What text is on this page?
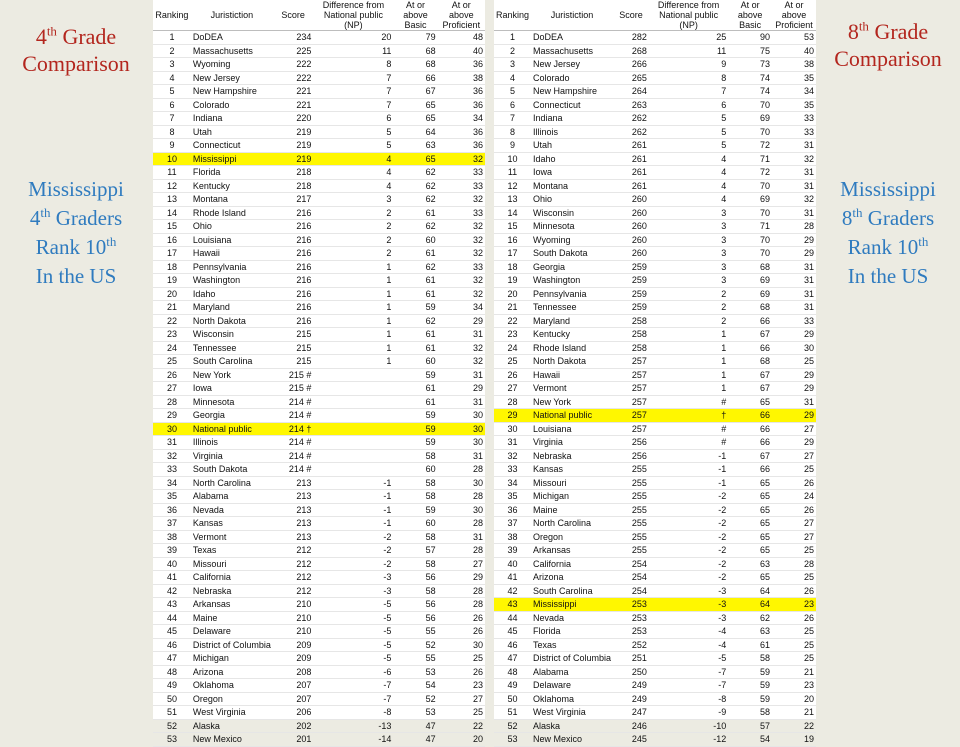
4th Grade
Comparison
Mississippi
4th Graders
Rank 10th
In the US
Ranking	Juristiction	Score	Difference from National public (NP)	At or above Basic	At or above Proficient
1	DoDEA	234	20	79	48
2	Massachusetts	225	11	68	40
3	Wyoming	222	8	68	36
4	New Jersey	222	7	66	38
5	New Hampshire	221	7	67	36
6	Colorado	221	7	65	36
7	Indiana	220	6	65	34
8	Utah	219	5	64	36
9	Connecticut	219	5	63	36
10	Mississippi	219	4	65	32
11	Florida	218	4	62	33
12	Kentucky	218	4	62	33
13	Montana	217	3	62	32
14	Rhode Island	216	2	61	33
15	Ohio	216	2	62	32
16	Louisiana	216	2	60	32
17	Hawaii	216	2	61	32
18	Pennsylvania	216	1	62	33
19	Washington	216	1	61	32
20	Idaho	216	1	61	32
21	Maryland	216	1	59	34
22	North Dakota	216	1	62	29
23	Wisconsin	215	1	61	31
24	Tennessee	215	1	61	32
25	South Carolina	215	1	60	32
26	New York	215 #		59	31
27	Iowa	215 #		61	29
28	Minnesota	214 #		61	31
29	Georgia	214 #		59	30
30	National public	214 †		59	30
31	Illinois	214 #		59	30
32	Virginia	214 #		58	31
33	South Dakota	214 #		60	28
34	North Carolina	213	-1	58	30
35	Alabama	213	-1	58	28
36	Nevada	213	-1	59	30
37	Kansas	213	-1	60	28
38	Vermont	213	-2	58	31
39	Texas	212	-2	57	28
40	Missouri	212	-2	58	27
41	California	212	-3	56	29
42	Nebraska	212	-3	58	28
43	Arkansas	210	-5	56	28
44	Maine	210	-5	56	26
45	Delaware	210	-5	55	26
46	District of Columbia	209	-5	52	30
47	Michigan	209	-5	55	25
48	Arizona	208	-6	53	26
49	Oklahoma	207	-7	54	23
50	Oregon	207	-7	52	27
51	West Virginia	206	-8	53	25
52	Alaska	202	-13	47	22
53	New Mexico	201	-14	47	20
Ranking	Juristiction	Score	Difference from National public (NP)	At or above Basic	At or above Proficient
1	DoDEA	282	25	90	53
2	Massachusetts	268	11	75	40
3	New Jersey	266	9	73	38
4	Colorado	265	8	74	35
5	New Hampshire	264	7	74	34
6	Connecticut	263	6	70	35
7	Indiana	262	5	69	33
8	Illinois	262	5	70	33
9	Utah	261	5	72	31
10	Idaho	261	4	71	32
11	Iowa	261	4	72	31
12	Montana	261	4	70	31
13	Ohio	260	4	69	32
14	Wisconsin	260	3	70	31
15	Minnesota	260	3	71	28
16	Wyoming	260	3	70	29
17	South Dakota	260	3	70	29
18	Georgia	259	3	68	31
19	Washington	259	3	69	31
20	Pennsylvania	259	2	69	31
21	Tennessee	259	2	68	31
22	Maryland	258	2	66	33
23	Kentucky	258	1	67	29
24	Rhode Island	258	1	66	30
25	North Dakota	257	1	68	25
26	Hawaii	257	1	67	29
27	Vermont	257	1	67	29
28	New York	257	#	65	31
29	National public	257	†	66	29
30	Louisiana	257	#	66	27
31	Virginia	256	#	66	29
32	Nebraska	256	-1	67	27
33	Kansas	255	-1	66	25
34	Missouri	255	-1	65	26
35	Michigan	255	-2	65	24
36	Maine	255	-2	65	26
37	North Carolina	255	-2	65	27
38	Oregon	255	-2	65	27
39	Arkansas	255	-2	65	25
40	California	254	-2	63	28
41	Arizona	254	-2	65	25
42	South Carolina	254	-3	64	26
43	Mississippi	253	-3	64	23
44	Nevada	253	-3	62	26
45	Florida	253	-4	63	25
46	Texas	252	-4	61	25
47	District of Columbia	251	-5	58	25
48	Alabama	250	-7	59	21
49	Delaware	249	-7	59	23
50	Oklahoma	249	-8	59	20
51	West Virginia	247	-9	58	21
52	Alaska	246	-10	57	22
53	New Mexico	245	-12	54	19
8th Grade
Comparison
Mississippi
8th Graders
Rank 10th
In the US
